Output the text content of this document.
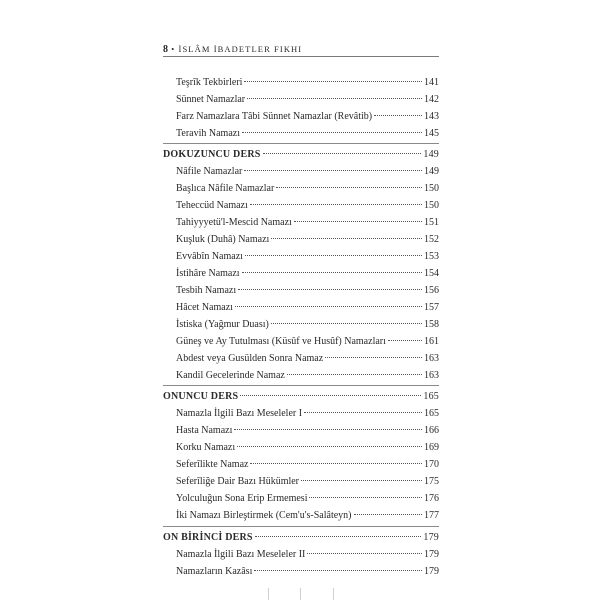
8 • İSLÂM İBADETLER FIKHI
Teşrîk Tekbirleri	141
Sünnet Namazlar	142
Farz Namazlara Tâbi Sünnet Namazlar (Revâtib)	143
Teravih Namazı	145
DOKUZUNCU DERS	149
Nâfile Namazlar	149
Başlıca Nâfile Namazlar	150
Teheccüd Namazı	150
Tahiyyyetü'l-Mescid Namazı	151
Kuşluk (Duhâ) Namazı	152
Evvâbîn Namazı	153
İstihâre Namazı	154
Tesbih Namazı	156
Hâcet Namazı	157
İstiska (Yağmur Duası)	158
Güneş ve Ay Tutulması (Küsûf ve Husûf) Namazları	161
Abdest veya Gusülden Sonra Namaz	163
Kandil Gecelerinde Namaz	163
ONUNCU DERS	165
Namazla İlgili Bazı Meseleler I	165
Hasta Namazı	166
Korku Namazı	169
Seferîlikte Namaz	170
Seferîliğe Dair Bazı Hükümler	175
Yolculuğun Sona Erip Ermemesi	176
İki Namazı Birleştirmek (Cem'u's-Salâteyn)	177
ON BİRİNCİ DERS	179
Namazla İlgili Bazı Meseleler II	179
Namazların Kazâsı	179
